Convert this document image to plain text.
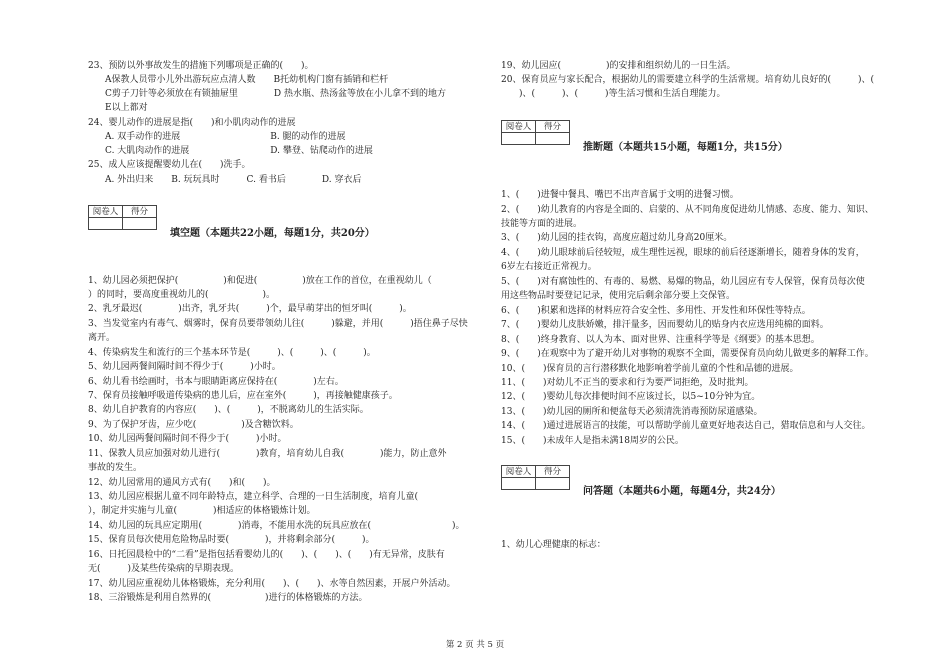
阅卷人	得分

填空题（本题共22小题，每题1分，共20分）
23、预防以外事故发生的措施下列哪项是正确的(　　)。
A保教人员带小儿外出游玩应点清人数　　B托幼机构门窗有插销和栏杆
C剪子刀针等必须放在有锁抽屉里　　　　D 热水瓶、热汤盆等放在小儿拿不到的地方
E以上都对
24、婴儿动作的进展是指(　　)和小肌肉动作的进展
A. 双手动作的进展　　　　　　　　　　B. 腿的动作的进展
C. 大肌肉动作的进展　　　　　　　　　D. 攀登、钻爬动作的进展
25、成人应该提醒婴幼儿在(　　)洗手。
A. 外出归来　　B. 玩玩具时　　　C. 看书后　　　　D. 穿衣后
1、幼儿园必须把保护(　　　　　)和促进(　　　　　)放在工作的首位，在重视幼儿（
）的同时，要高度重视幼儿的(　　　　　　)。
2、乳牙最迟(　　　　)出齐，乳牙共(　　　)个，最早萌芽出的恒牙叫(　　　)。
3、当发觉室内有毒气、烟雾时，保育员要带领幼儿往(　　　)躲避，并用(　　　)捂住鼻子尽快
离开。
4、传染病发生和流行的三个基本环节是(　　　)、(　　　)、(　　　)。
5、幼儿园两餐间隔时间不得少于(　　　)小时。
6、幼儿看书绘画时，书本与眼睛距离应保持在(　　　　)左右。
7、保育员接触呼吸道传染病的患儿后，应在室外(　　　)，再接触健康孩子。
8、幼儿自护教育的内容应(　　)、(　　　)，不脱离幼儿的生活实际。
9、为了保护牙齿，应少吃(　　　　　)及含糖饮料。
10、幼儿园两餐间隔时间不得少于(　　　)小时。
11、保教人员应加强对幼儿进行(　　　　)教育，培育幼儿自我(　　　　)能力，防止意外
事故的发生。
12、幼儿园常用的通风方式有(　　)和(　　)。
13、幼儿园应根据儿童不同年龄特点，建立科学、合理的一日生活制度，培育儿童(　　　　
），制定并实施与儿童(　　　　)相适应的体格锻炼计划。
14、幼儿园的玩具应定期用(　　　　)消毒，不能用水洗的玩具应放在(　　　　　　　　　)。
15、保育员每次使用危险物品时要(　　　　)，并将剩余部分(　　　)。
16、日托园晨检中的“二看”是指包括看婴幼儿的(　　)、(　　)、(　　)有无异常，皮肤有
无(　　　)及某些传染病的早期表现。
17、幼儿园应重视幼儿体格锻炼，充分利用(　　)、(　　)、水等自然因素，开展户外活动。
18、三浴锻炼是利用自然界的(　　　　　　)进行的体格锻炼的方法。
阅卷人	得分

推断题（本题共15小题，每题1分，共15分）
阅卷人	得分

问答题（本题共6小题，每题4分，共24分）
19、幼儿园应(　　　　　)的安排和组织幼儿的一日生活。
20、保育员应与家长配合，根据幼儿的需要建立科学的生活常规。培育幼儿良好的(　　　)、(
　　)、(　　　)、(　　　)等生活习惯和生活自理能力。
1、(　　)进餐中餐具、嘴巴不出声音属于文明的进餐习惯。
2、(　　)幼儿教育的内容是全面的、启蒙的、从不同角度促进幼儿情感、态度、能力、知识、
技能等方面的进展。
3、(　　)幼儿园的挂衣钩，高度应超过幼儿身高20厘米。
4、(　　)幼儿眼球前后径较短，成生理性远视，眼球的前后径逐渐增长，随着身体的发育，
6岁左右接近正常视力。
5、(　　)对有腐蚀性的、有毒的、易燃、易爆的物品，幼儿园应有专人保管，保育员每次使
用这些物品时要登记记录，使用完后剩余部分要上交保管。
6、(　　)积累和选择的材料应符合安全性、多用性、开发性和环保性等特点。
7、(　　)婴幼儿皮肤娇嫩，排汗量多，因而婴幼儿的贴身内衣应选用纯棉的面料。
8、(　　)终身教育、以人为本、面对世界、注重科学等是《纲要》的基本思想。
9、(　　)在观察中为了避开幼儿对事物的观察不全面，需要保育员向幼儿做更多的解释工作。
10、(　　)保育员的言行潜移默化地影响着学前儿童的个性和品德的进展。
11、(　　)对幼儿不正当的要求和行为要严词拒绝，及时批判。
12、(　　)婴幼儿每次排便时间不应该过长，以5~10分钟为宜。
13、(　　)幼儿园的厕所和便盆每天必须清洗消毒预防尿道感染。
14、(　　)通过进展语言的技能，可以帮助学前儿童更好地表达自己，猎取信息和与人交往。
15、(　　)未成年人是指未满18周岁的公民。
1、幼儿心理健康的标志：
第 2 页 共 5 页
